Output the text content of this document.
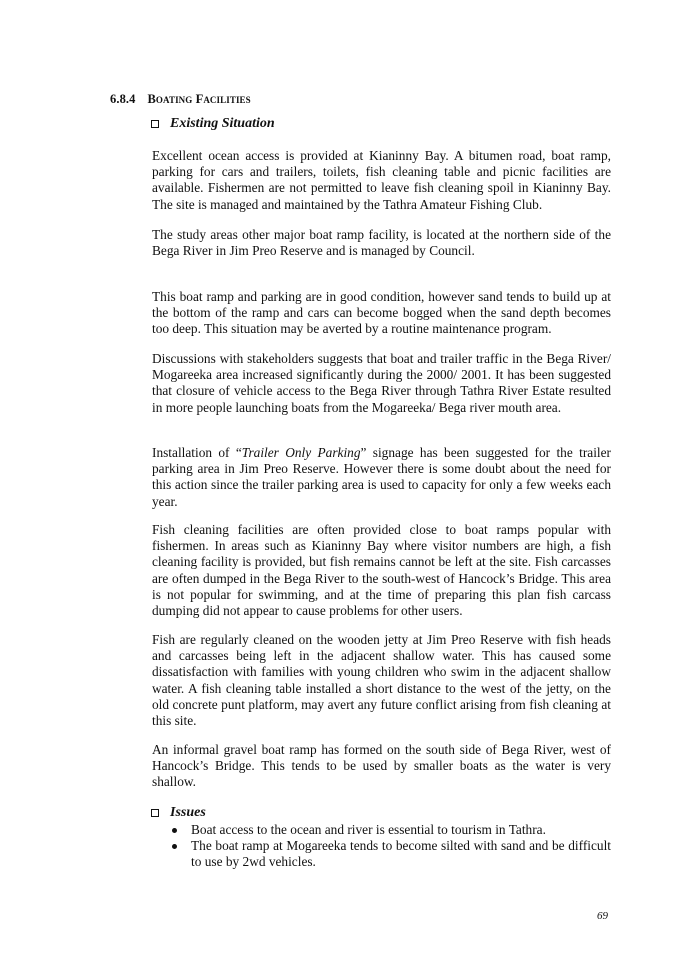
6.8.4 Boating Facilities
Existing Situation
Excellent ocean access is provided at Kianinny Bay. A bitumen road, boat ramp, parking for cars and trailers, toilets, fish cleaning table and picnic facilities are available. Fishermen are not permitted to leave fish cleaning spoil in Kianinny Bay. The site is managed and maintained by the Tathra Amateur Fishing Club.
The study areas other major boat ramp facility, is located at the northern side of the Bega River in Jim Preo Reserve and is managed by Council.
This boat ramp and parking are in good condition, however sand tends to build up at the bottom of the ramp and cars can become bogged when the sand depth becomes too deep. This situation may be averted by a routine maintenance program.
Discussions with stakeholders suggests that boat and trailer traffic in the Bega River/ Mogareeka area increased significantly during the 2000/ 2001. It has been suggested that closure of vehicle access to the Bega River through Tathra River Estate resulted in more people launching boats from the Mogareeka/ Bega river mouth area.
Installation of “Trailer Only Parking” signage has been suggested for the trailer parking area in Jim Preo Reserve. However there is some doubt about the need for this action since the trailer parking area is used to capacity for only a few weeks each year.
Fish cleaning facilities are often provided close to boat ramps popular with fishermen. In areas such as Kianinny Bay where visitor numbers are high, a fish cleaning facility is provided, but fish remains cannot be left at the site. Fish carcasses are often dumped in the Bega River to the south-west of Hancock’s Bridge. This area is not popular for swimming, and at the time of preparing this plan fish carcass dumping did not appear to cause problems for other users.
Fish are regularly cleaned on the wooden jetty at Jim Preo Reserve with fish heads and carcasses being left in the adjacent shallow water. This has caused some dissatisfaction with families with young children who swim in the adjacent shallow water. A fish cleaning table installed a short distance to the west of the jetty, on the old concrete punt platform, may avert any future conflict arising from fish cleaning at this site.
An informal gravel boat ramp has formed on the south side of Bega River, west of Hancock’s Bridge. This tends to be used by smaller boats as the water is very shallow.
Issues
Boat access to the ocean and river is essential to tourism in Tathra.
The boat ramp at Mogareeka tends to become silted with sand and be difficult to use by 2wd vehicles.
69
